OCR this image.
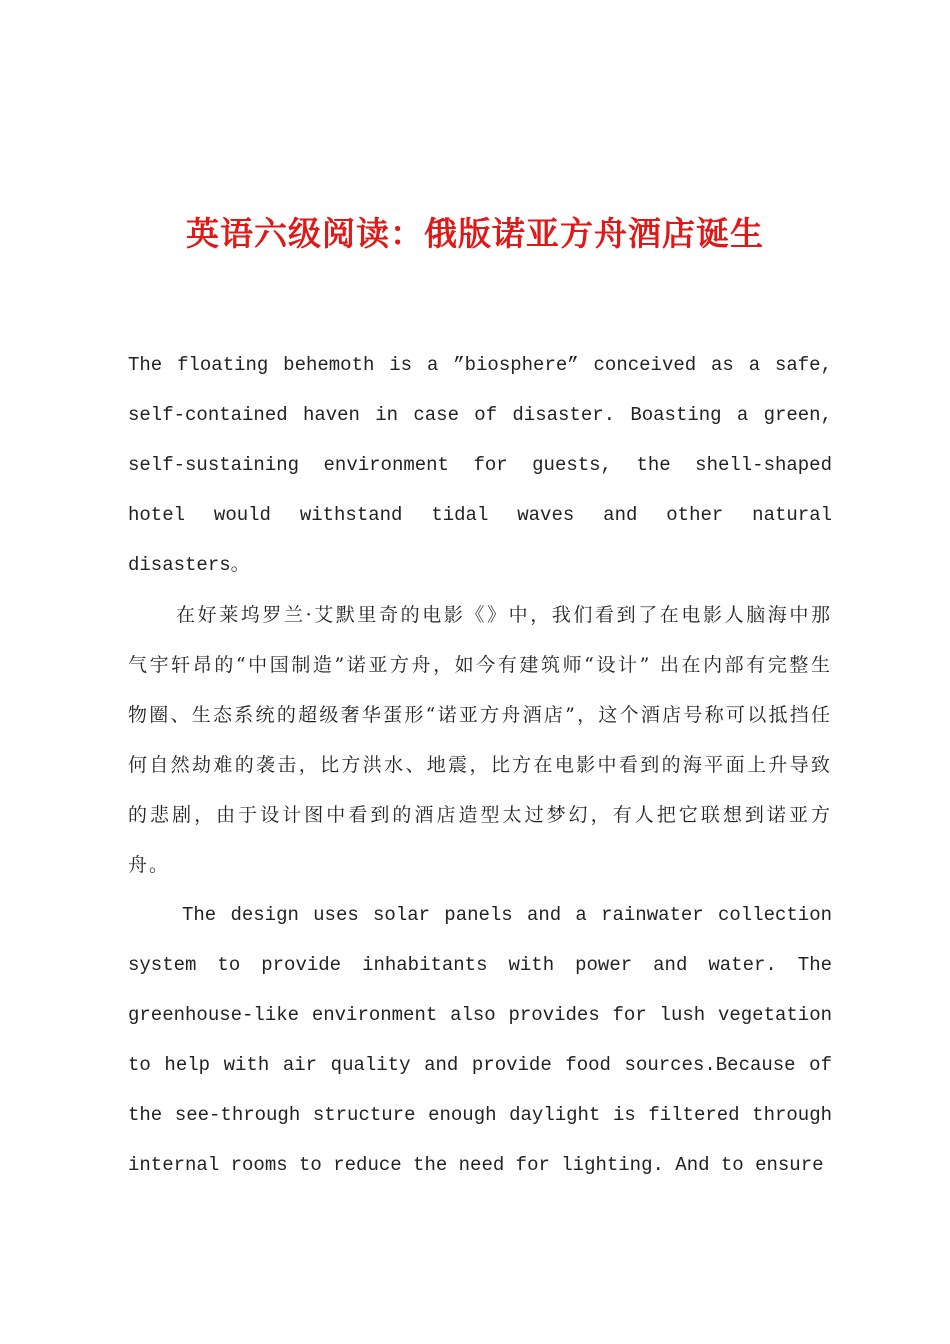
英语六级阅读：俄版诺亚方舟酒店诞生

The floating behemoth is a ”biosphere” conceived as a safe, self-contained haven in case of disaster. Boasting a green, self-sustaining environment for guests, the shell-shaped hotel would withstand tidal waves and other natural disasters。

在好莱坞罗兰·艾默里奇的电影《》中，我们看到了在电影人脑海中那气宇轩昂的“中国制造”诺亚方舟，如今有建筑师“设计” 出在内部有完整生物圈、生态系统的超级奢华蛋形“诺亚方舟酒店”，这个酒店号称可以抵挡任何自然劫难的袭击，比方洪水、地震，比方在电影中看到的海平面上升导致的悲剧，由于设计图中看到的酒店造型太过梦幻，有人把它联想到诺亚方舟。

The design uses solar panels and a rainwater collection system to provide inhabitants with power and water. The greenhouse-like environment also provides for lush vegetation to help with air quality and provide food sources.Because of the see-through structure enough daylight is filtered through internal rooms to reduce the need for lighting. And to ensure
